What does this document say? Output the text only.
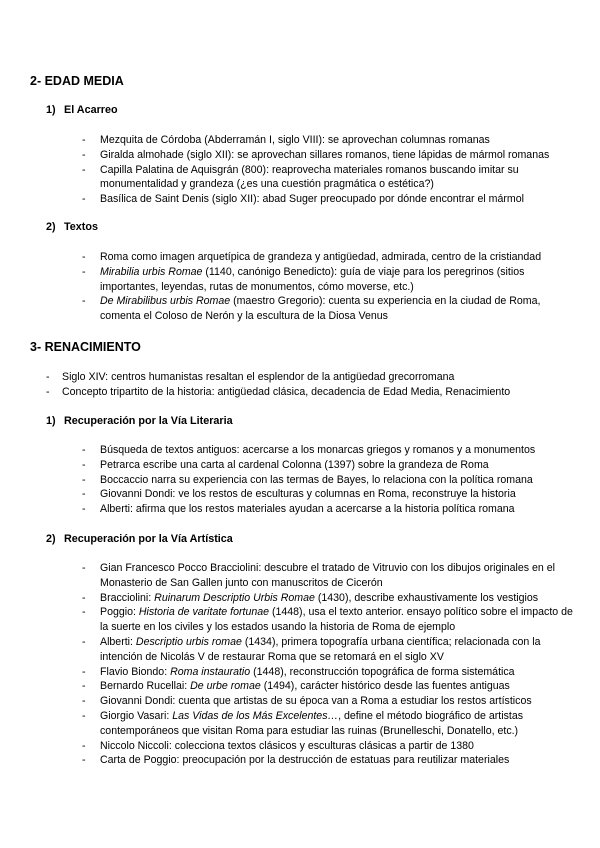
2- EDAD MEDIA
1) El Acarreo
- Mezquita de Córdoba (Abderramán I, siglo VIII): se aprovechan columnas romanas
- Giralda almohade (siglo XII): se aprovechan sillares romanos, tiene lápidas de mármol romanas
- Capilla Palatina de Aquisgrán (800): reaprovecha materiales romanos buscando imitar su monumentalidad y grandeza (¿es una cuestión pragmática o estética?)
- Basílica de Saint Denis (siglo XII): abad Suger preocupado por dónde encontrar el mármol
2) Textos
- Roma como imagen arquetípica de grandeza y antigüedad, admirada, centro de la cristiandad
- Mirabilia urbis Romae (1140, canónigo Benedicto): guía de viaje para los peregrinos (sitios importantes, leyendas, rutas de monumentos, cómo moverse, etc.)
- De Mirabilibus urbis Romae (maestro Gregorio): cuenta su experiencia en la ciudad de Roma, comenta el Coloso de Nerón y la escultura de la Diosa Venus
3- RENACIMIENTO
- Siglo XIV: centros humanistas resaltan el esplendor de la antigüedad grecorromana
- Concepto tripartito de la historia: antigüedad clásica, decadencia de Edad Media, Renacimiento
1) Recuperación por la Vía Literaria
- Búsqueda de textos antiguos: acercarse a los monarcas griegos y romanos y a monumentos
- Petrarca escribe una carta al cardenal Colonna (1397) sobre la grandeza de Roma
- Boccaccio narra su experiencia con las termas de Bayes, lo relaciona con la política romana
- Giovanni Dondi: ve los restos de esculturas y columnas en Roma, reconstruye la historia
- Alberti: afirma que los restos materiales ayudan a acercarse a la historia política romana
2) Recuperación por la Vía Artística
- Gian Francesco Pocco Bracciolini: descubre el tratado de Vitruvio con los dibujos originales en el Monasterio de San Gallen junto con manuscritos de Cicerón
- Bracciolini: Ruinarum Descriptio Urbis Romae (1430), describe exhaustivamente los vestigios
- Poggio: Historia de varitate fortunae (1448), usa el texto anterior. ensayo político sobre el impacto de la suerte en los civiles y los estados usando la historia de Roma de ejemplo
- Alberti: Descriptio urbis romae (1434), primera topografía urbana científica; relacionada con la intención de Nicolás V de restaurar Roma que se retomará en el siglo XV
- Flavio Biondo: Roma instauratio (1448), reconstrucción topográfica de forma sistemática
- Bernardo Rucellai: De urbe romae (1494), carácter histórico desde las fuentes antiguas
- Giovanni Dondi: cuenta que artistas de su época van a Roma a estudiar los restos artísticos
- Giorgio Vasari: Las Vidas de los Más Excelentes…, define el método biográfico de artistas contemporáneos que visitan Roma para estudiar las ruinas (Brunelleschi, Donatello, etc.)
- Niccolo Niccoli: colecciona textos clásicos y esculturas clásicas a partir de 1380
- Carta de Poggio: preocupación por la destrucción de estatuas para reutilizar materiales
